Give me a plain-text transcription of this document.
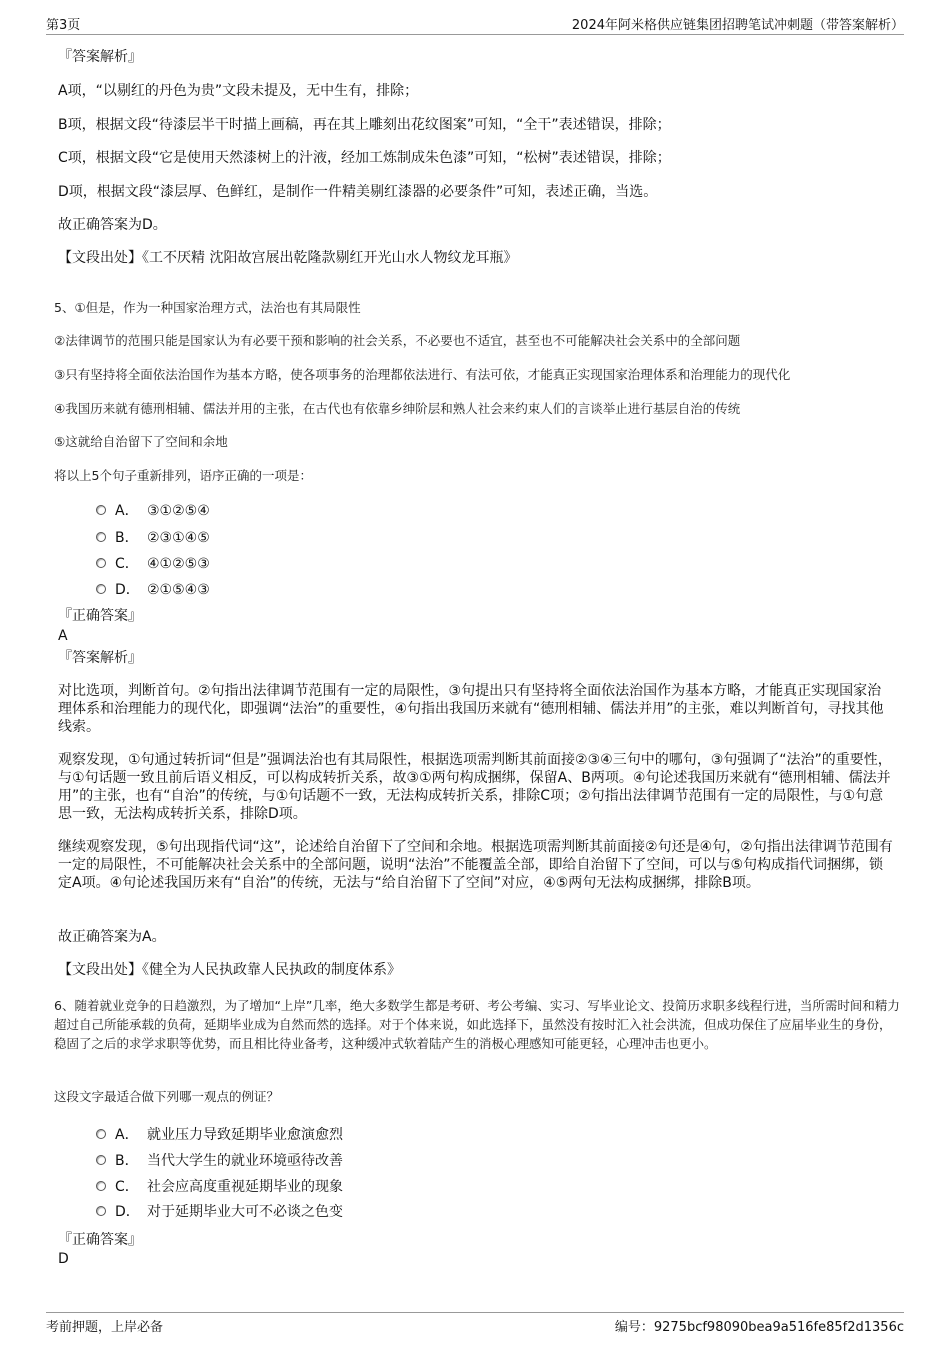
第3页	2024年阿米格供应链集团招聘笔试冲刺题（带答案解析）
『答案解析』
A项，“以剔红的丹色为贵”文段未提及，无中生有，排除；
B项，根据文段“待漆层半干时描上画稿，再在其上雕刻出花纹图案”可知，“全干”表述错误，排除；
C项，根据文段“它是使用天然漆树上的汁液，经加工炼制成朱色漆”可知，“松树”表述错误，排除；
D项，根据文段“漆层厚、色鲜红，是制作一件精美剔红漆器的必要条件”可知，表述正确，当选。
故正确答案为D。
【文段出处】《工不厌精 沈阳故宫展出乾隆款剔红开光山水人物纹龙耳瓶》
5、①但是，作为一种国家治理方式，法治也有其局限性
②法律调节的范围只能是国家认为有必要干预和影响的社会关系，不必要也不适宜，甚至也不可能解决社会关系中的全部问题
③只有坚持将全面依法治国作为基本方略，使各项事务的治理都依法进行、有法可依，才能真正实现国家治理体系和治理能力的现代化
④我国历来就有德刑相辅、儒法并用的主张，在古代也有依靠乡绅阶层和熟人社会来约束人们的言谈举止进行基层自治的传统
⑤这就给自治留下了空间和余地
将以上5个句子重新排列，语序正确的一项是：
A． ③①②⑤④
B． ②③①④⑤
C． ④①②⑤③
D． ②①⑤④③
『正确答案』
A
『答案解析』
对比选项，判断首句。②句指出法律调节范围有一定的局限性，③句提出只有坚持将全面依法治国作为基本方略，才能真正实现国家治理体系和治理能力的现代化，即强调“法治”的重要性，④句指出我国历来就有“德刑相辅、儒法并用”的主张，难以判断首句，寻找其他线索。
观察发现，①句通过转折词“但是”强调法治也有其局限性，根据选项需判断其前面接②③④三句中的哪句，③句强调了“法治”的重要性，与①句话题一致且前后语义相反，可以构成转折关系，故③①两句构成捆绑，保留A、B两项。④句论述我国历来就有“德刑相辅、儒法并用”的主张，也有“自治”的传统，与①句话题不一致，无法构成转折关系，排除C项；②句指出法律调节范围有一定的局限性，与①句意思一致，无法构成转折关系，排除D项。
继续观察发现，⑤句出现指代词“这”，论述给自治留下了空间和余地。根据选项需判断其前面接②句还是④句，②句指出法律调节范围有一定的局限性，不可能解决社会关系中的全部问题，说明“法治”不能覆盖全部，即给自治留下了空间，可以与⑤句构成指代词捆绑，锁定A项。④句论述我国历来有“自治”的传统，无法与“给自治留下了空间”对应，④⑤两句无法构成捆绑，排除B项。
故正确答案为A。
【文段出处】《健全为人民执政靠人民执政的制度体系》
6、随着就业竞争的日趋激烈，为了增加“上岸”几率，绝大多数学生都是考研、考公考编、实习、写毕业论文、投简历求职多线程行进，当所需时间和精力超过自己所能承载的负荷，延期毕业成为自然而然的选择。对于个体来说，如此选择下，虽然没有按时汇入社会洪流，但成功保住了应届毕业生的身份，稳固了之后的求学求职等优势，而且相比待业备考，这种缓冲式软着陆产生的消极心理感知可能更轻，心理冲击也更小。
这段文字最适合做下列哪一观点的例证？
A． 就业压力导致延期毕业愈演愈烈
B． 当代大学生的就业环境亟待改善
C． 社会应高度重视延期毕业的现象
D． 对于延期毕业大可不必谈之色变
『正确答案』
D
考前押题，上岸必备	编号：9275bcf98090bea9a516fe85f2d1356c
